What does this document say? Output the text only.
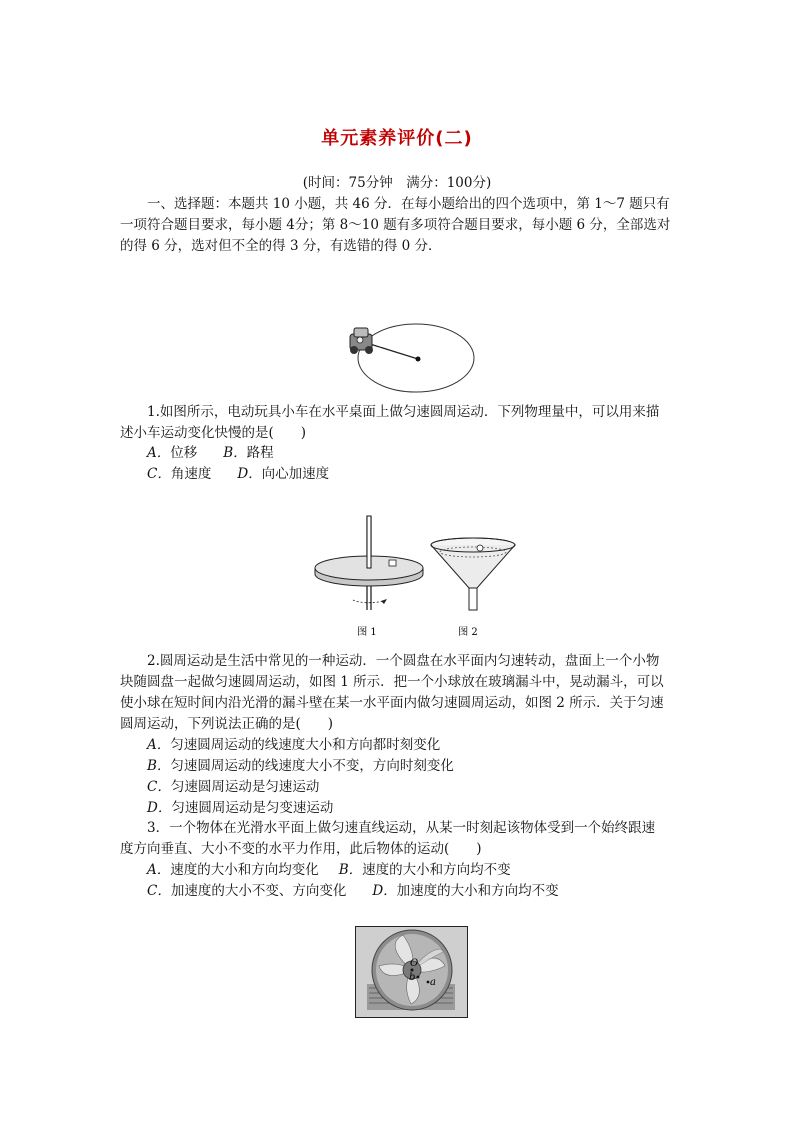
单元素养评价(二)
(时间：75分钟　满分：100分)
一、选择题：本题共 10 小题，共 46 分．在每小题给出的四个选项中，第 1～7 题只有
一项符合题目要求，每小题 4分；第 8～10 题有多项符合题目要求，每小题 6 分，全部选对
的得 6 分，选对但不全的得 3 分，有选错的得 0 分．
1.如图所示，电动玩具小车在水平桌面上做匀速圆周运动．下列物理量中，可以用来描
述小车运动变化快慢的是(　　)
A．位移 B．路程
C．角速度 D．向心加速度
图 1	图 2
2.圆周运动是生活中常见的一种运动．一个圆盘在水平面内匀速转动，盘面上一个小物
块随圆盘一起做匀速圆周运动，如图 1 所示．把一个小球放在玻璃漏斗中，晃动漏斗，可以
使小球在短时间内沿光滑的漏斗壁在某一水平面内做匀速圆周运动，如图 2 所示．关于匀速
圆周运动，下列说法正确的是(　　)
A．匀速圆周运动的线速度大小和方向都时刻变化
B．匀速圆周运动的线速度大小不变，方向时刻变化
C．匀速圆周运动是匀速运动
D．匀速圆周运动是匀变速运动
3．一个物体在光滑水平面上做匀速直线运动，从某一时刻起该物体受到一个始终跟速
度方向垂直、大小不变的水平力作用，此后物体的运动(　　)
A．速度的大小和方向均变化 B．速度的大小和方向均不变
C．加速度的大小不变、方向变化 D．加速度的大小和方向均不变
O
b a
